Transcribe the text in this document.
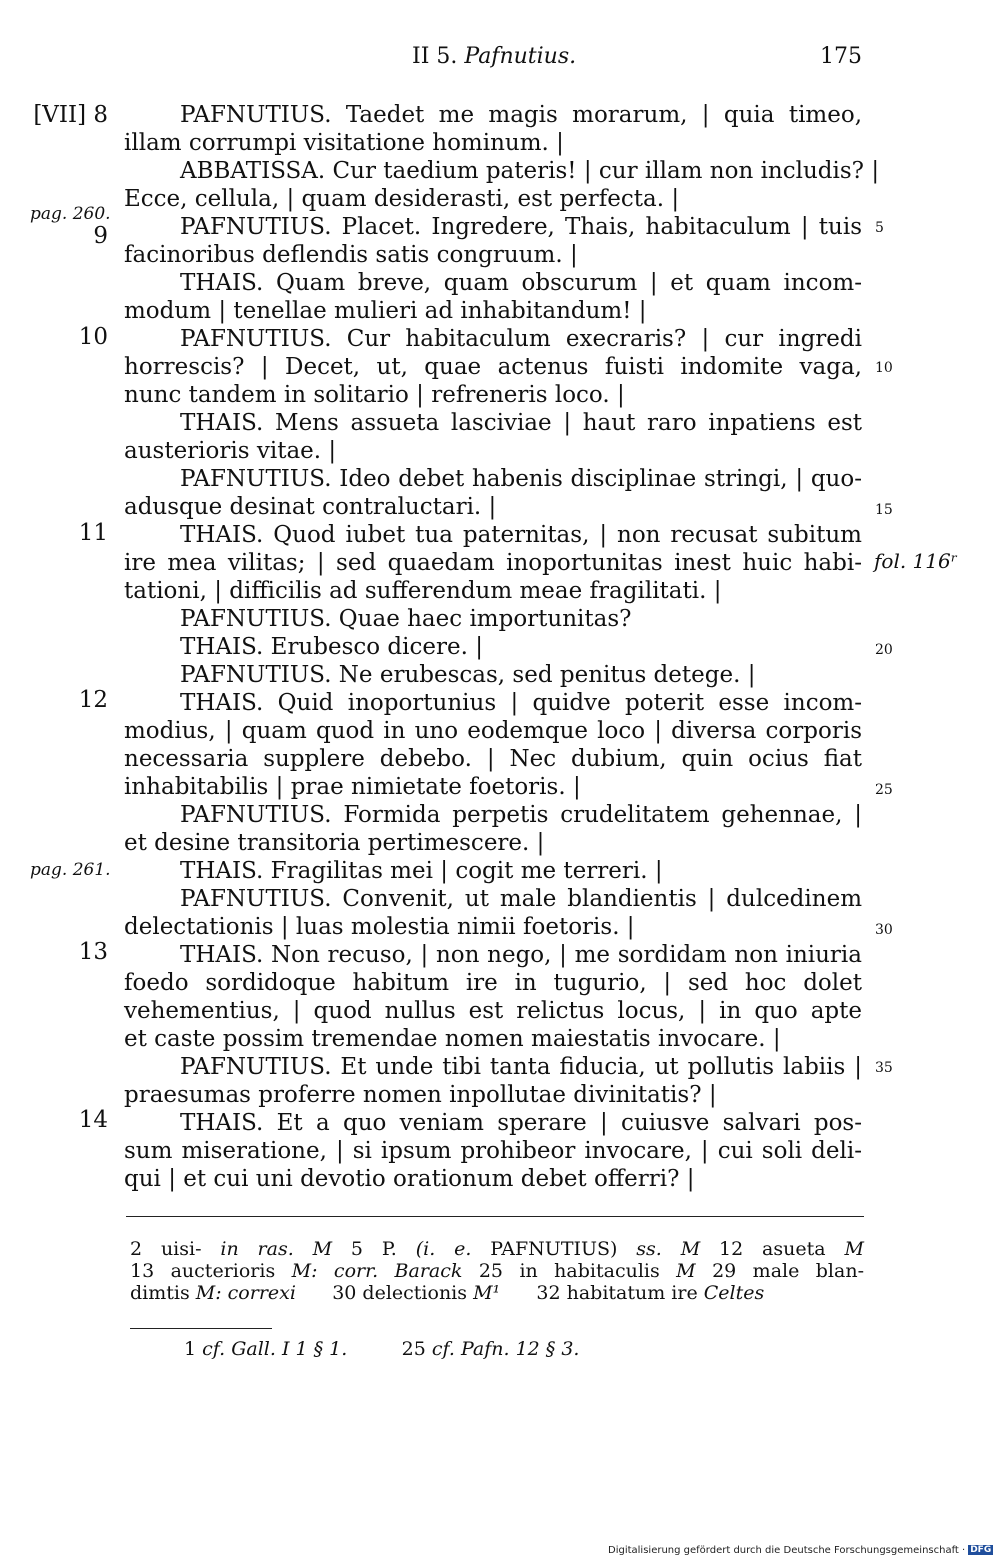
II 5. Pafnutius.	175
[VII] 8
pag. 260.
9
10
11
12
pag. 261.
13
14
5
10
15
fol. 116ʳ
20
25
30
35
PAFNUTIUS. Taedet me magis morarum, | quia timeo,
illam corrumpi visitatione hominum. |
ABBATISSA. Cur taedium pateris! | cur illam non includis? |
Ecce, cellula, | quam desiderasti, est perfecta. |
PAFNUTIUS. Placet. Ingredere, Thais, habitaculum | tuis
facinoribus deflendis satis congruum. |
THAIS. Quam breve, quam obscurum | et quam incom-
modum | tenellae mulieri ad inhabitandum! |
PAFNUTIUS. Cur habitaculum execraris? | cur ingredi
horrescis? | Decet, ut, quae actenus fuisti indomite vaga,
nunc tandem in solitario | refreneris loco. |
THAIS. Mens assueta lasciviae | haut raro inpatiens est
austerioris vitae. |
PAFNUTIUS. Ideo debet habenis disciplinae stringi, | quo-
adusque desinat contraluctari. |
THAIS. Quod iubet tua paternitas, | non recusat subitum
ire mea vilitas; | sed quaedam inoportunitas inest huic habi-
tationi, | difficilis ad sufferendum meae fragilitati. |
PAFNUTIUS. Quae haec importunitas?
THAIS. Erubesco dicere. |
PAFNUTIUS. Ne erubescas, sed penitus detege. |
THAIS. Quid inoportunius | quidve poterit esse incom-
modius, | quam quod in uno eodemque loco | diversa corporis
necessaria supplere debebo. | Nec dubium, quin ocius fiat
inhabitabilis | prae nimietate foetoris. |
PAFNUTIUS. Formida perpetis crudelitatem gehennae, |
et desine transitoria pertimescere. |
THAIS. Fragilitas mei | cogit me terreri. |
PAFNUTIUS. Convenit, ut male blandientis | dulcedinem
delectationis | luas molestia nimii foetoris. |
THAIS. Non recuso, | non nego, | me sordidam non iniuria
foedo sordidoque habitum ire in tugurio, | sed hoc dolet
vehementius, | quod nullus est relictus locus, | in quo apte
et caste possim tremendae nomen maiestatis invocare. |
PAFNUTIUS. Et unde tibi tanta fiducia, ut pollutis labiis |
praesumas proferre nomen inpollutae divinitatis? |
THAIS. Et a quo veniam sperare | cuiusve salvari pos-
sum miseratione, | si ipsum prohibeor invocare, | cui soli deli-
qui | et cui uni devotio orationum debet offerri? |
2 uisi- in ras. M 5 P. (i. e. PAFNUTIUS) ss. M 12 asueta M
13 aucterioris M: corr. Barack 25 in habitaculis M 29 male blan-
dimtis M: correxi 30 delectionis M¹ 32 habitatum ire Celtes
1 cf. Gall. I 1 § 1.	25 cf. Pafn. 12 § 3.
Digitalisierung gefördert durch die Deutsche Forschungsgemeinschaft · DFG
